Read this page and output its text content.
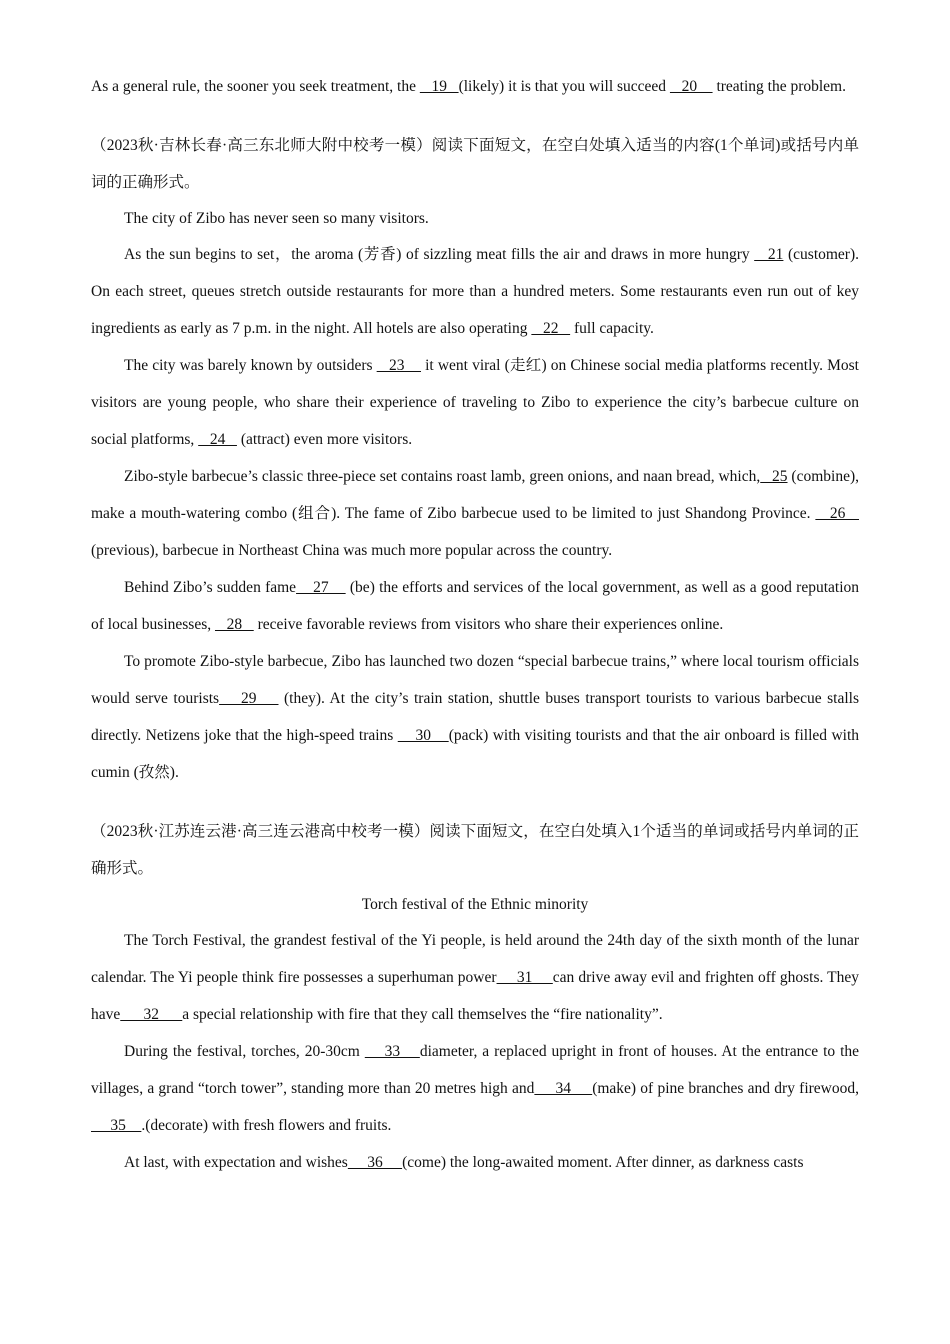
As a general rule, the sooner you seek treatment, the    19   (likely) it is that you will succeed    20     treating the problem.

（2023秋·吉林长春·高三东北师大附中校考一模）阅读下面短文，在空白处填入适当的内容(1个单词)或括号内单词的正确形式。

The city of Zibo has never seen so many visitors.

As the sun begins to set，the aroma (芳香) of sizzling meat fills the air and draws in more hungry    21 (customer). On each street, queues stretch outside restaurants for more than a hundred meters. Some restaurants even run out of key ingredients as early as 7 p.m. in the night. All hotels are also operating    22    full capacity.

The city was barely known by outsiders    23     it went viral (走红) on Chinese social media platforms recently. Most visitors are young people, who share their experience of traveling to Zibo to experience the city’s barbecue culture on social platforms,    24    (attract) even more visitors.

Zibo-style barbecue’s classic three-piece set contains roast lamb, green onions, and naan bread, which,   25 (combine), make a mouth-watering combo (组合). The fame of Zibo barbecue used to be limited to just Shandong Province.    26    (previous), barbecue in Northeast China was much more popular across the country.

Behind Zibo’s sudden fame    27     (be) the efforts and services of the local government, as well as a good reputation of local businesses,    28    receive favorable reviews from visitors who share their experiences online.

To promote Zibo-style barbecue, Zibo has launched two dozen “special barbecue trains,” where local tourism officials would serve tourists    29     (they). At the city’s train station, shuttle buses transport tourists to various barbecue stalls directly. Netizens joke that the high-speed trains     30    (pack) with visiting tourists and that the air onboard is filled with cumin (孜然).

（2023秋·江苏连云港·高三连云港高中校考一模）阅读下面短文，在空白处填入1个适当的单词或括号内单词的正确形式。

Torch festival of the Ethnic minority

The Torch Festival, the grandest festival of the Yi people, is held around the 24th day of the sixth month of the lunar calendar. The Yi people think fire possesses a superhuman power     31     can drive away evil and frighten off ghosts. They have      32      a special relationship with fire that they call themselves the “fire nationality”.

During the festival, torches, 20-30cm     33    diameter, a replaced upright in front of houses. At the entrance to the villages, a grand “torch tower”, standing more than 20 metres high and     34     (make) of pine branches and dry firewood,     35    .(decorate) with fresh flowers and fruits.

At last, with expectation and wishes     36     (come) the long-awaited moment. After dinner, as darkness casts
